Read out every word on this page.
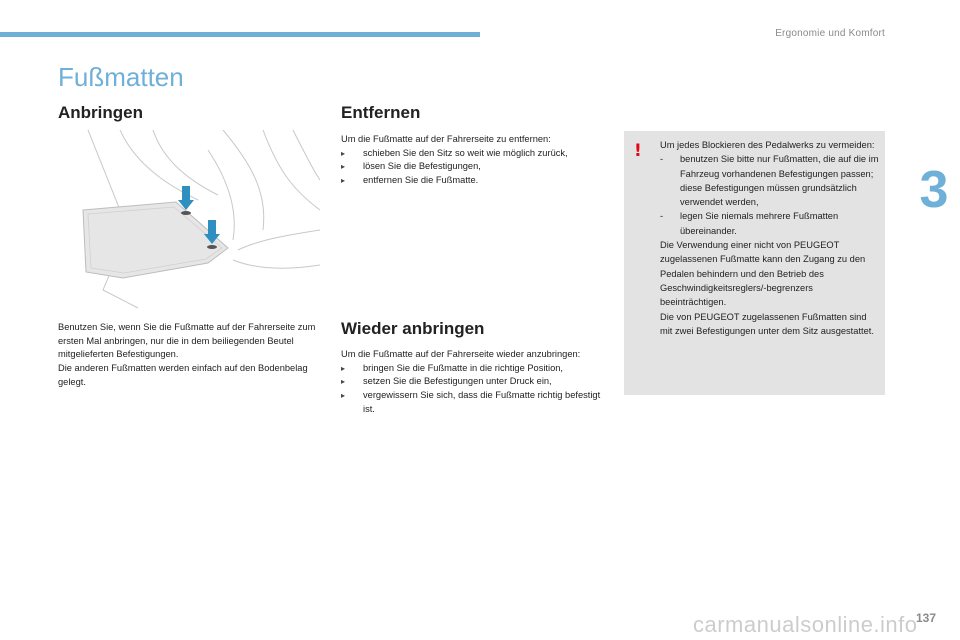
Ergonomie und Komfort
3
Fußmatten
Anbringen	Entfernen
Wieder anbringen

Benutzen Sie, wenn Sie die Fußmatte auf der Fahrerseite zum ersten Mal anbringen, nur die in dem beiliegenden Beutel mitgelieferten Befestigungen.

Die anderen Fußmatten werden einfach auf den Bodenbelag gelegt.

Um die Fußmatte auf der Fahrerseite zu entfernen:

▸ schieben Sie den Sitz so weit wie möglich zurück,
▸ lösen Sie die Befestigungen,
▸ entfernen Sie die Fußmatte.

Um die Fußmatte auf der Fahrerseite wieder anzubringen:

▸ bringen Sie die Fußmatte in die richtige Position,
▸ setzen Sie die Befestigungen unter Druck ein,
▸ vergewissern Sie sich, dass die Fußmatte richtig befestigt ist.
! Um jedes Blockieren des Pedalwerks zu vermeiden:

- benutzen Sie bitte nur Fußmatten, die auf die im Fahrzeug vorhandenen Befestigungen passen; diese Befestigungen müssen grundsätzlich verwendet werden,
- legen Sie niemals mehrere Fußmatten übereinander.

Die Verwendung einer nicht von PEUGEOT zugelassenen Fußmatte kann den Zugang zu den Pedalen behindern und den Betrieb des Geschwindigkeitsreglers/-begrenzers beeinträchtigen.

Die von PEUGEOT zugelassenen Fußmatten sind mit zwei Befestigungen unter dem Sitz ausgestattet.

137
carmanualsonline.info
